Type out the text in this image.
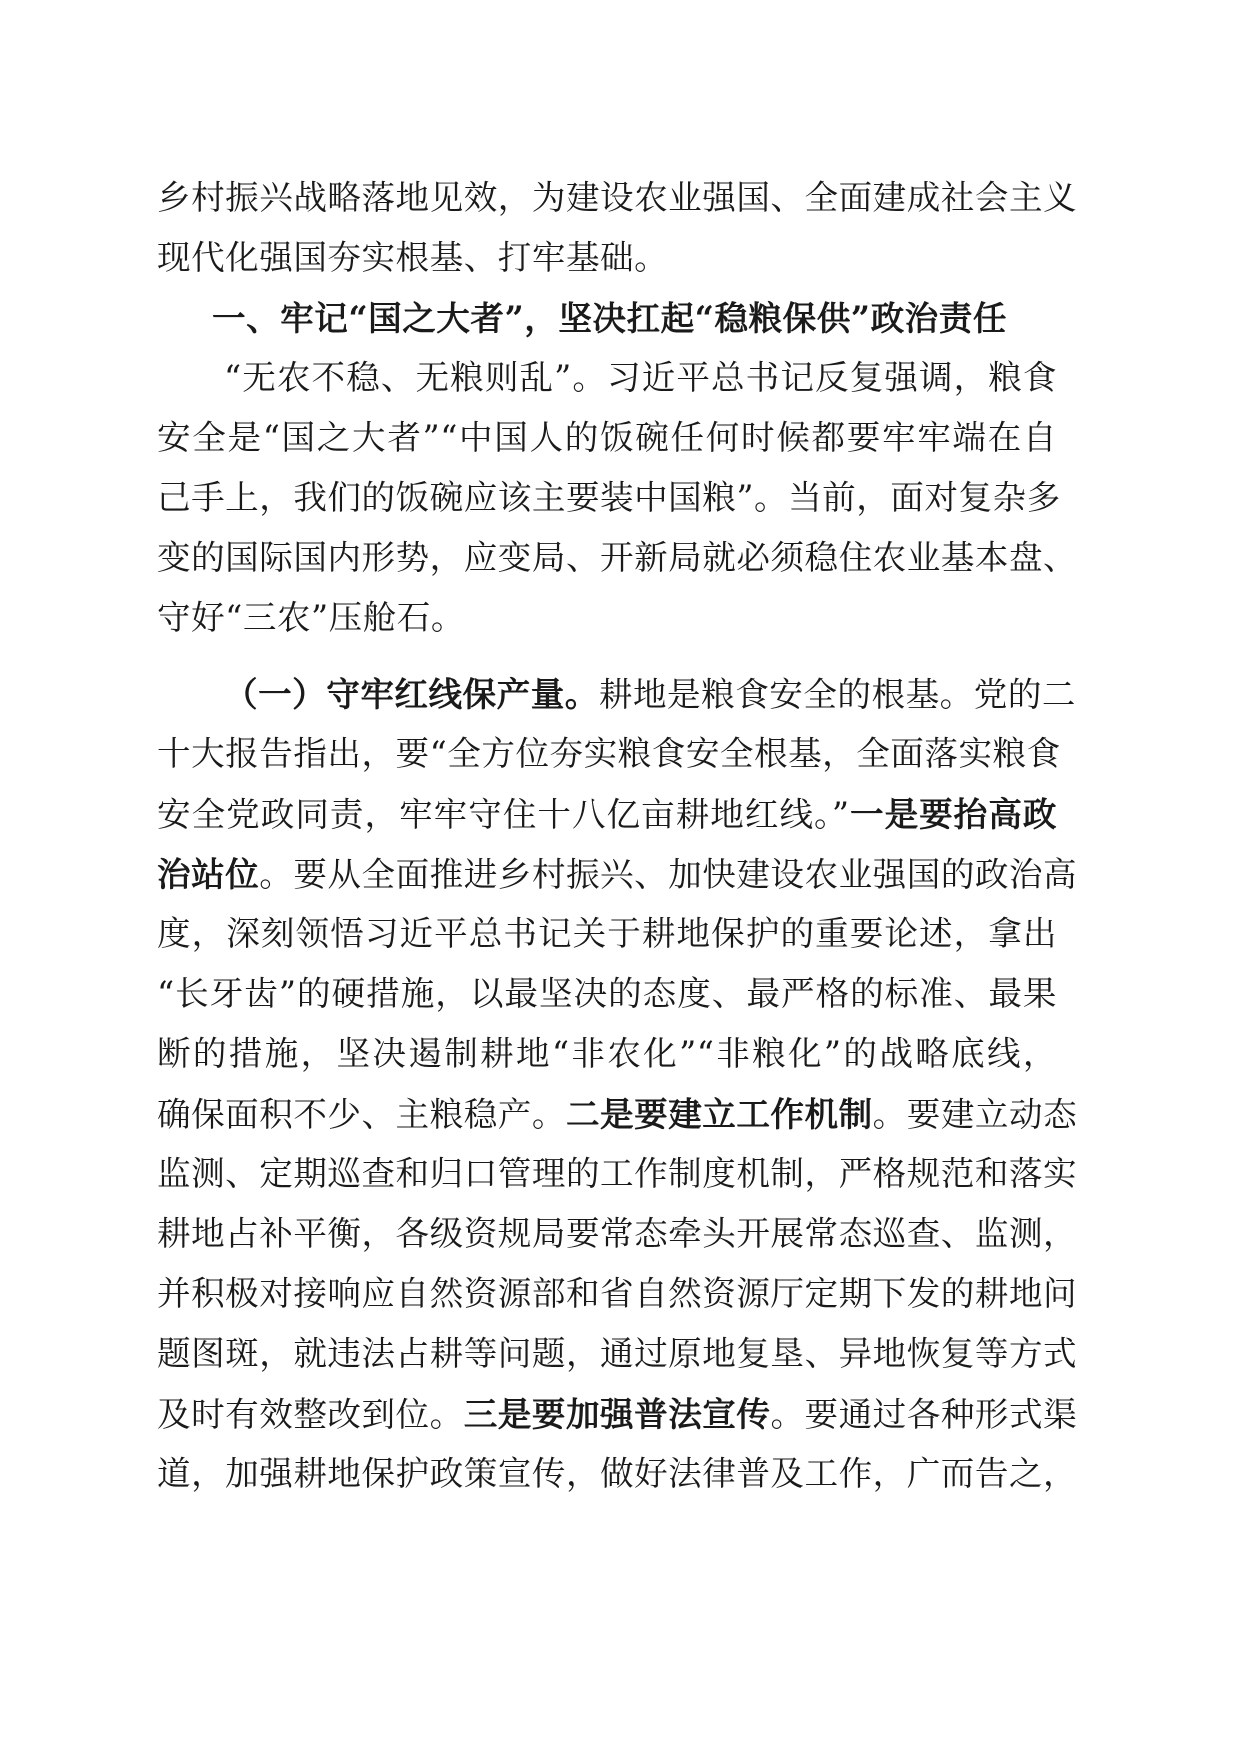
乡村振兴战略落地见效，为建设农业强国、全面建成社会主义
现代化强国夯实根基、打牢基础。
一、牢记“国之大者”，坚决扛起“稳粮保供”政治责任
“无农不稳、无粮则乱”。习近平总书记反复强调，粮食
安全是“国之大者”“中国人的饭碗任何时候都要牢牢端在自
己手上，我们的饭碗应该主要装中国粮”。当前，面对复杂多
变的国际国内形势，应变局、开新局就必须稳住农业基本盘、
守好“三农”压舱石。
（一）守牢红线保产量。耕地是粮食安全的根基。党的二
十大报告指出，要“全方位夯实粮食安全根基，全面落实粮食
安全党政同责，牢牢守住十八亿亩耕地红线。”一是要抬高政
治站位。要从全面推进乡村振兴、加快建设农业强国的政治高
度，深刻领悟习近平总书记关于耕地保护的重要论述，拿出
“长牙齿”的硬措施，以最坚决的态度、最严格的标准、最果
断的措施，坚决遏制耕地“非农化”“非粮化”的战略底线，
确保面积不少、主粮稳产。二是要建立工作机制。要建立动态
监测、定期巡查和归口管理的工作制度机制，严格规范和落实
耕地占补平衡，各级资规局要常态牵头开展常态巡查、监测，
并积极对接响应自然资源部和省自然资源厅定期下发的耕地问
题图斑，就违法占耕等问题，通过原地复垦、异地恢复等方式
及时有效整改到位。三是要加强普法宣传。要通过各种形式渠
道，加强耕地保护政策宣传，做好法律普及工作，广而告之，
